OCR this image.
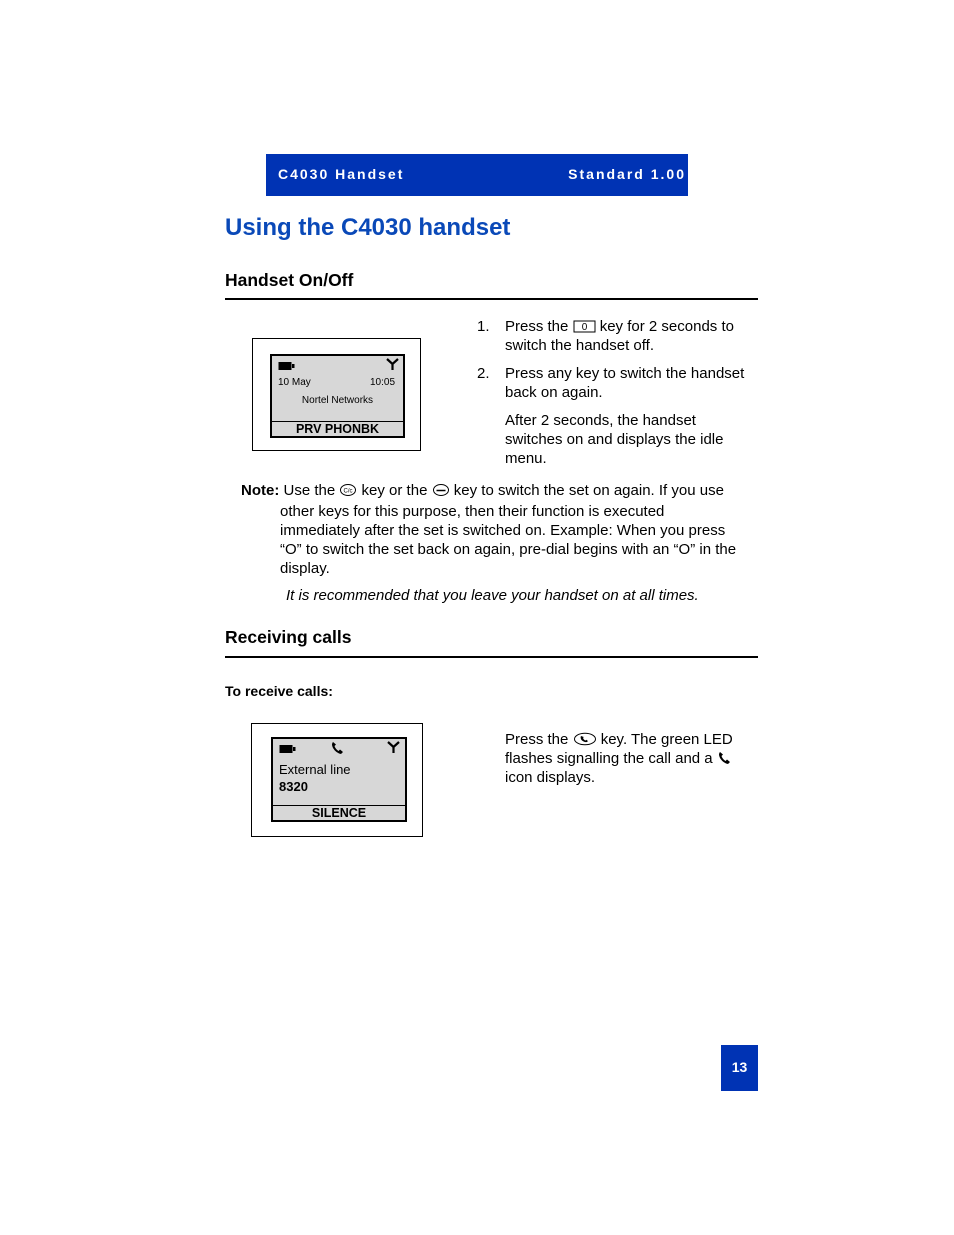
C4030 Handset	Standard 1.00
Using the C4030 handset
Handset On/Off
10 May	10:05
Nortel Networks
PRV PHONBK
1. Press the 0 key for 2 seconds to
switch the handset off.
2. Press any key to switch the handset
back on again.
After 2 seconds, the handset
switches on and displays the idle
menu.
Note: Use the C/c key or the key to switch the set on again. If you use
other keys for this purpose, then their function is executed
immediately after the set is switched on. Example: When you press
“O” to switch the set back on again, pre-dial begins with an “O” in the
display.
It is recommended that you leave your handset on at all times.
Receiving calls
To receive calls:
External line
8320
SILENCE
Press the key. The green LED
flashes signalling the call and a
icon displays.
13
